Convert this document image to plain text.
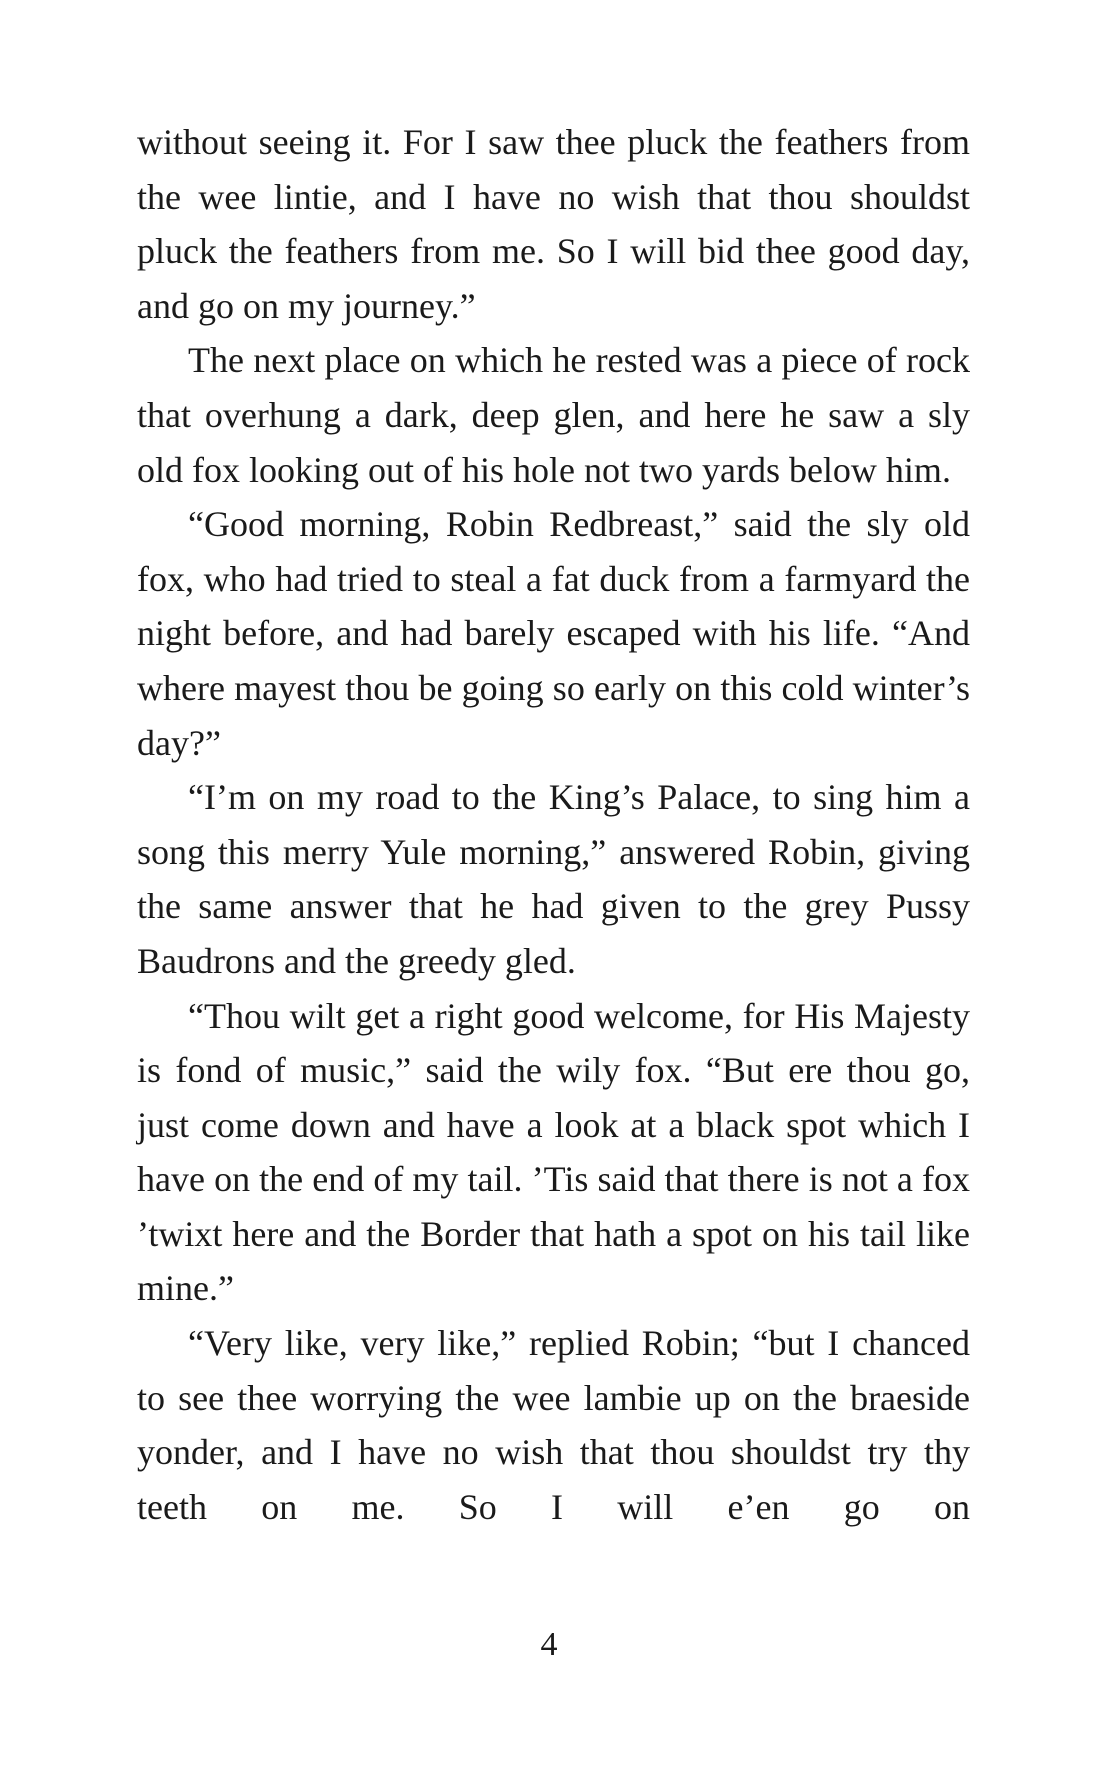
without seeing it. For I saw thee pluck the feathers from the wee lintie, and I have no wish that thou shouldst pluck the feathers from me. So I will bid thee good day, and go on my journey.”

The next place on which he rested was a piece of rock that overhung a dark, deep glen, and here he saw a sly old fox looking out of his hole not two yards below him.

“Good morning, Robin Redbreast,” said the sly old fox, who had tried to steal a fat duck from a farmyard the night before, and had barely escaped with his life. “And where mayest thou be going so early on this cold winter’s day?”

“I’m on my road to the King’s Palace, to sing him a song this merry Yule morning,” answered Robin, giving the same answer that he had given to the grey Pussy Baudrons and the greedy gled.

“Thou wilt get a right good welcome, for His Majesty is fond of music,” said the wily fox. “But ere thou go, just come down and have a look at a black spot which I have on the end of my tail. ’Tis said that there is not a fox ’twixt here and the Border that hath a spot on his tail like mine.”

“Very like, very like,” replied Robin; “but I chanced to see thee worrying the wee lambie up on the braeside yonder, and I have no wish that thou shouldst try thy teeth on me. So I will e’en go on

4
